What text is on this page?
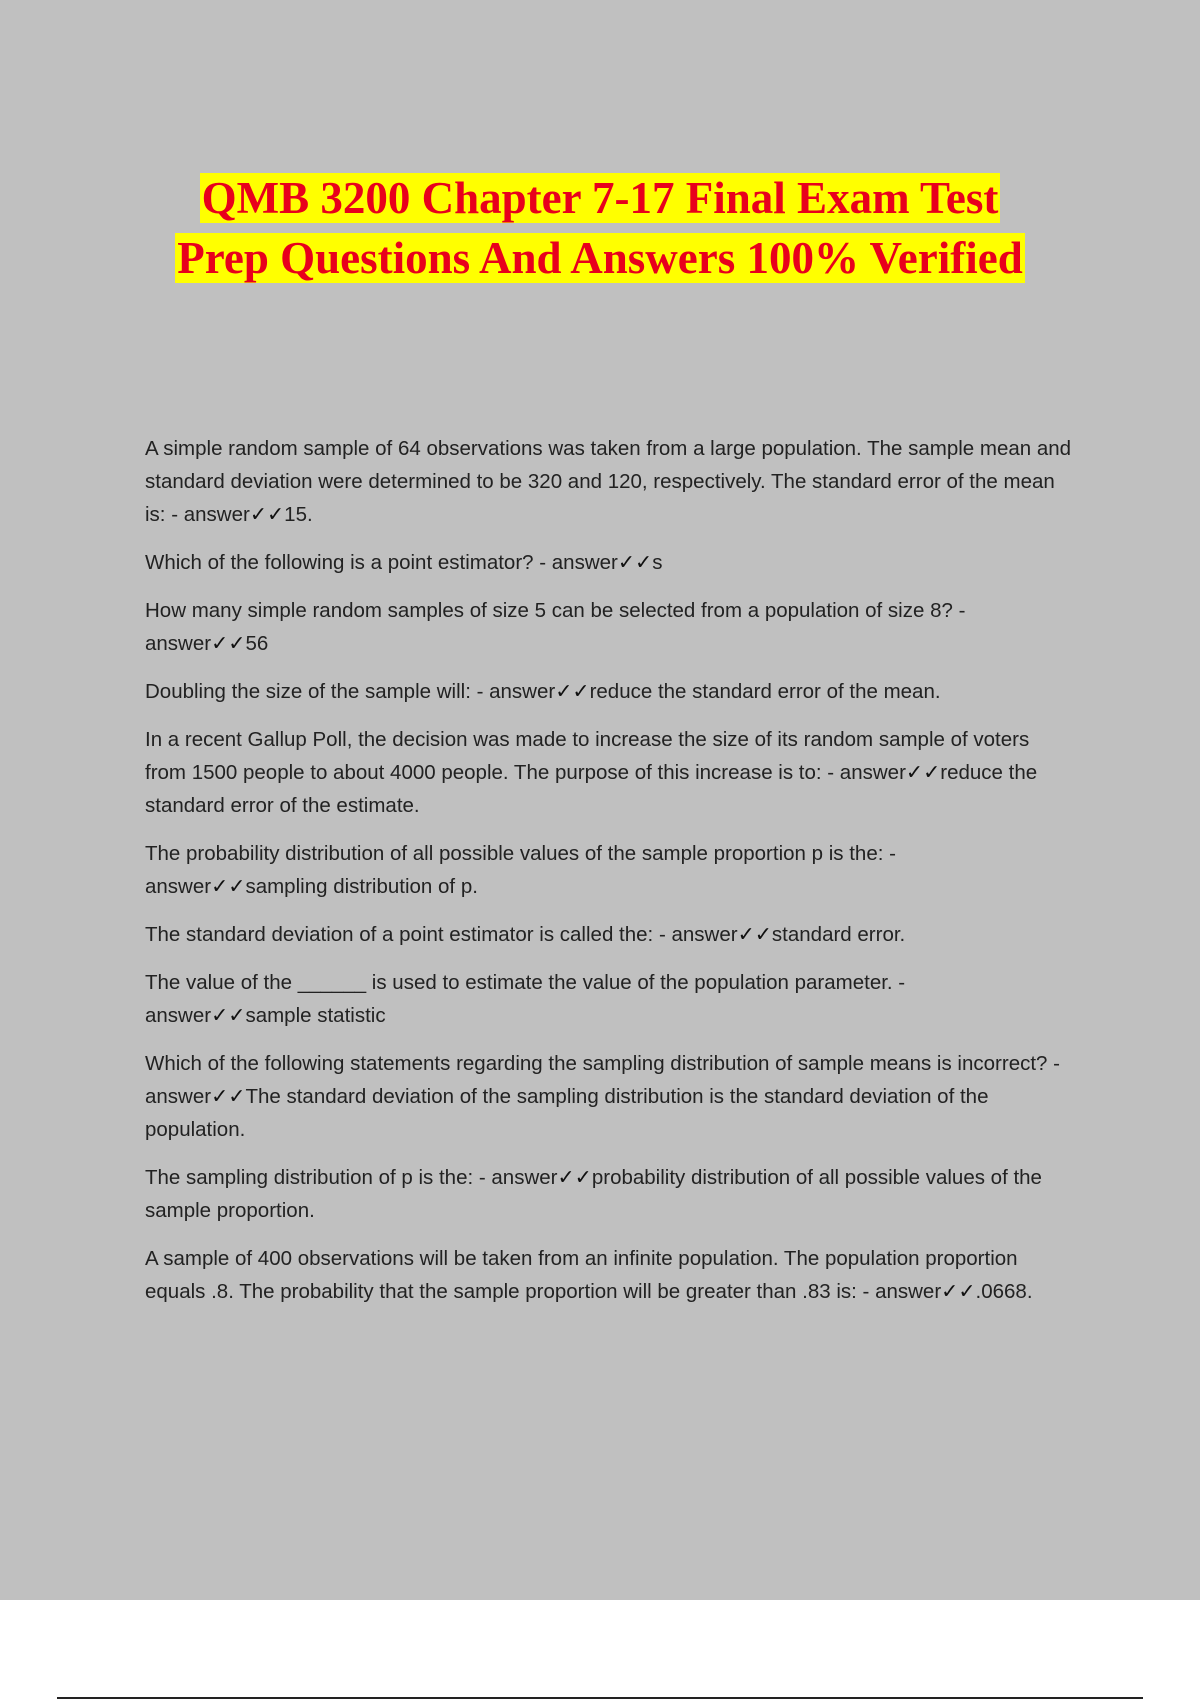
QMB 3200 Chapter 7-17 Final Exam Test
Prep Questions And Answers 100% Verified

A simple random sample of 64 observations was taken from a large population. The sample mean and standard deviation were determined to be 320 and 120, respectively. The standard error of the mean is: - answer✓✓15.

Which of the following is a point estimator? - answer✓✓s

How many simple random samples of size 5 can be selected from a population of size 8? - answer✓✓56

Doubling the size of the sample will: - answer✓✓reduce the standard error of the mean.

In a recent Gallup Poll, the decision was made to increase the size of its random sample of voters from 1500 people to about 4000 people. The purpose of this increase is to: - answer✓✓reduce the standard error of the estimate.

The probability distribution of all possible values of the sample proportion p is the: - answer✓✓sampling distribution of p.

The standard deviation of a point estimator is called the: - answer✓✓standard error.

The value of the ______ is used to estimate the value of the population parameter. - answer✓✓sample statistic

Which of the following statements regarding the sampling distribution of sample means is incorrect? - answer✓✓The standard deviation of the sampling distribution is the standard deviation of the population.

The sampling distribution of p is the: - answer✓✓probability distribution of all possible values of the sample proportion.

A sample of 400 observations will be taken from an infinite population. The population proportion equals .8. The probability that the sample proportion will be greater than .83 is: - answer✓✓.0668.
